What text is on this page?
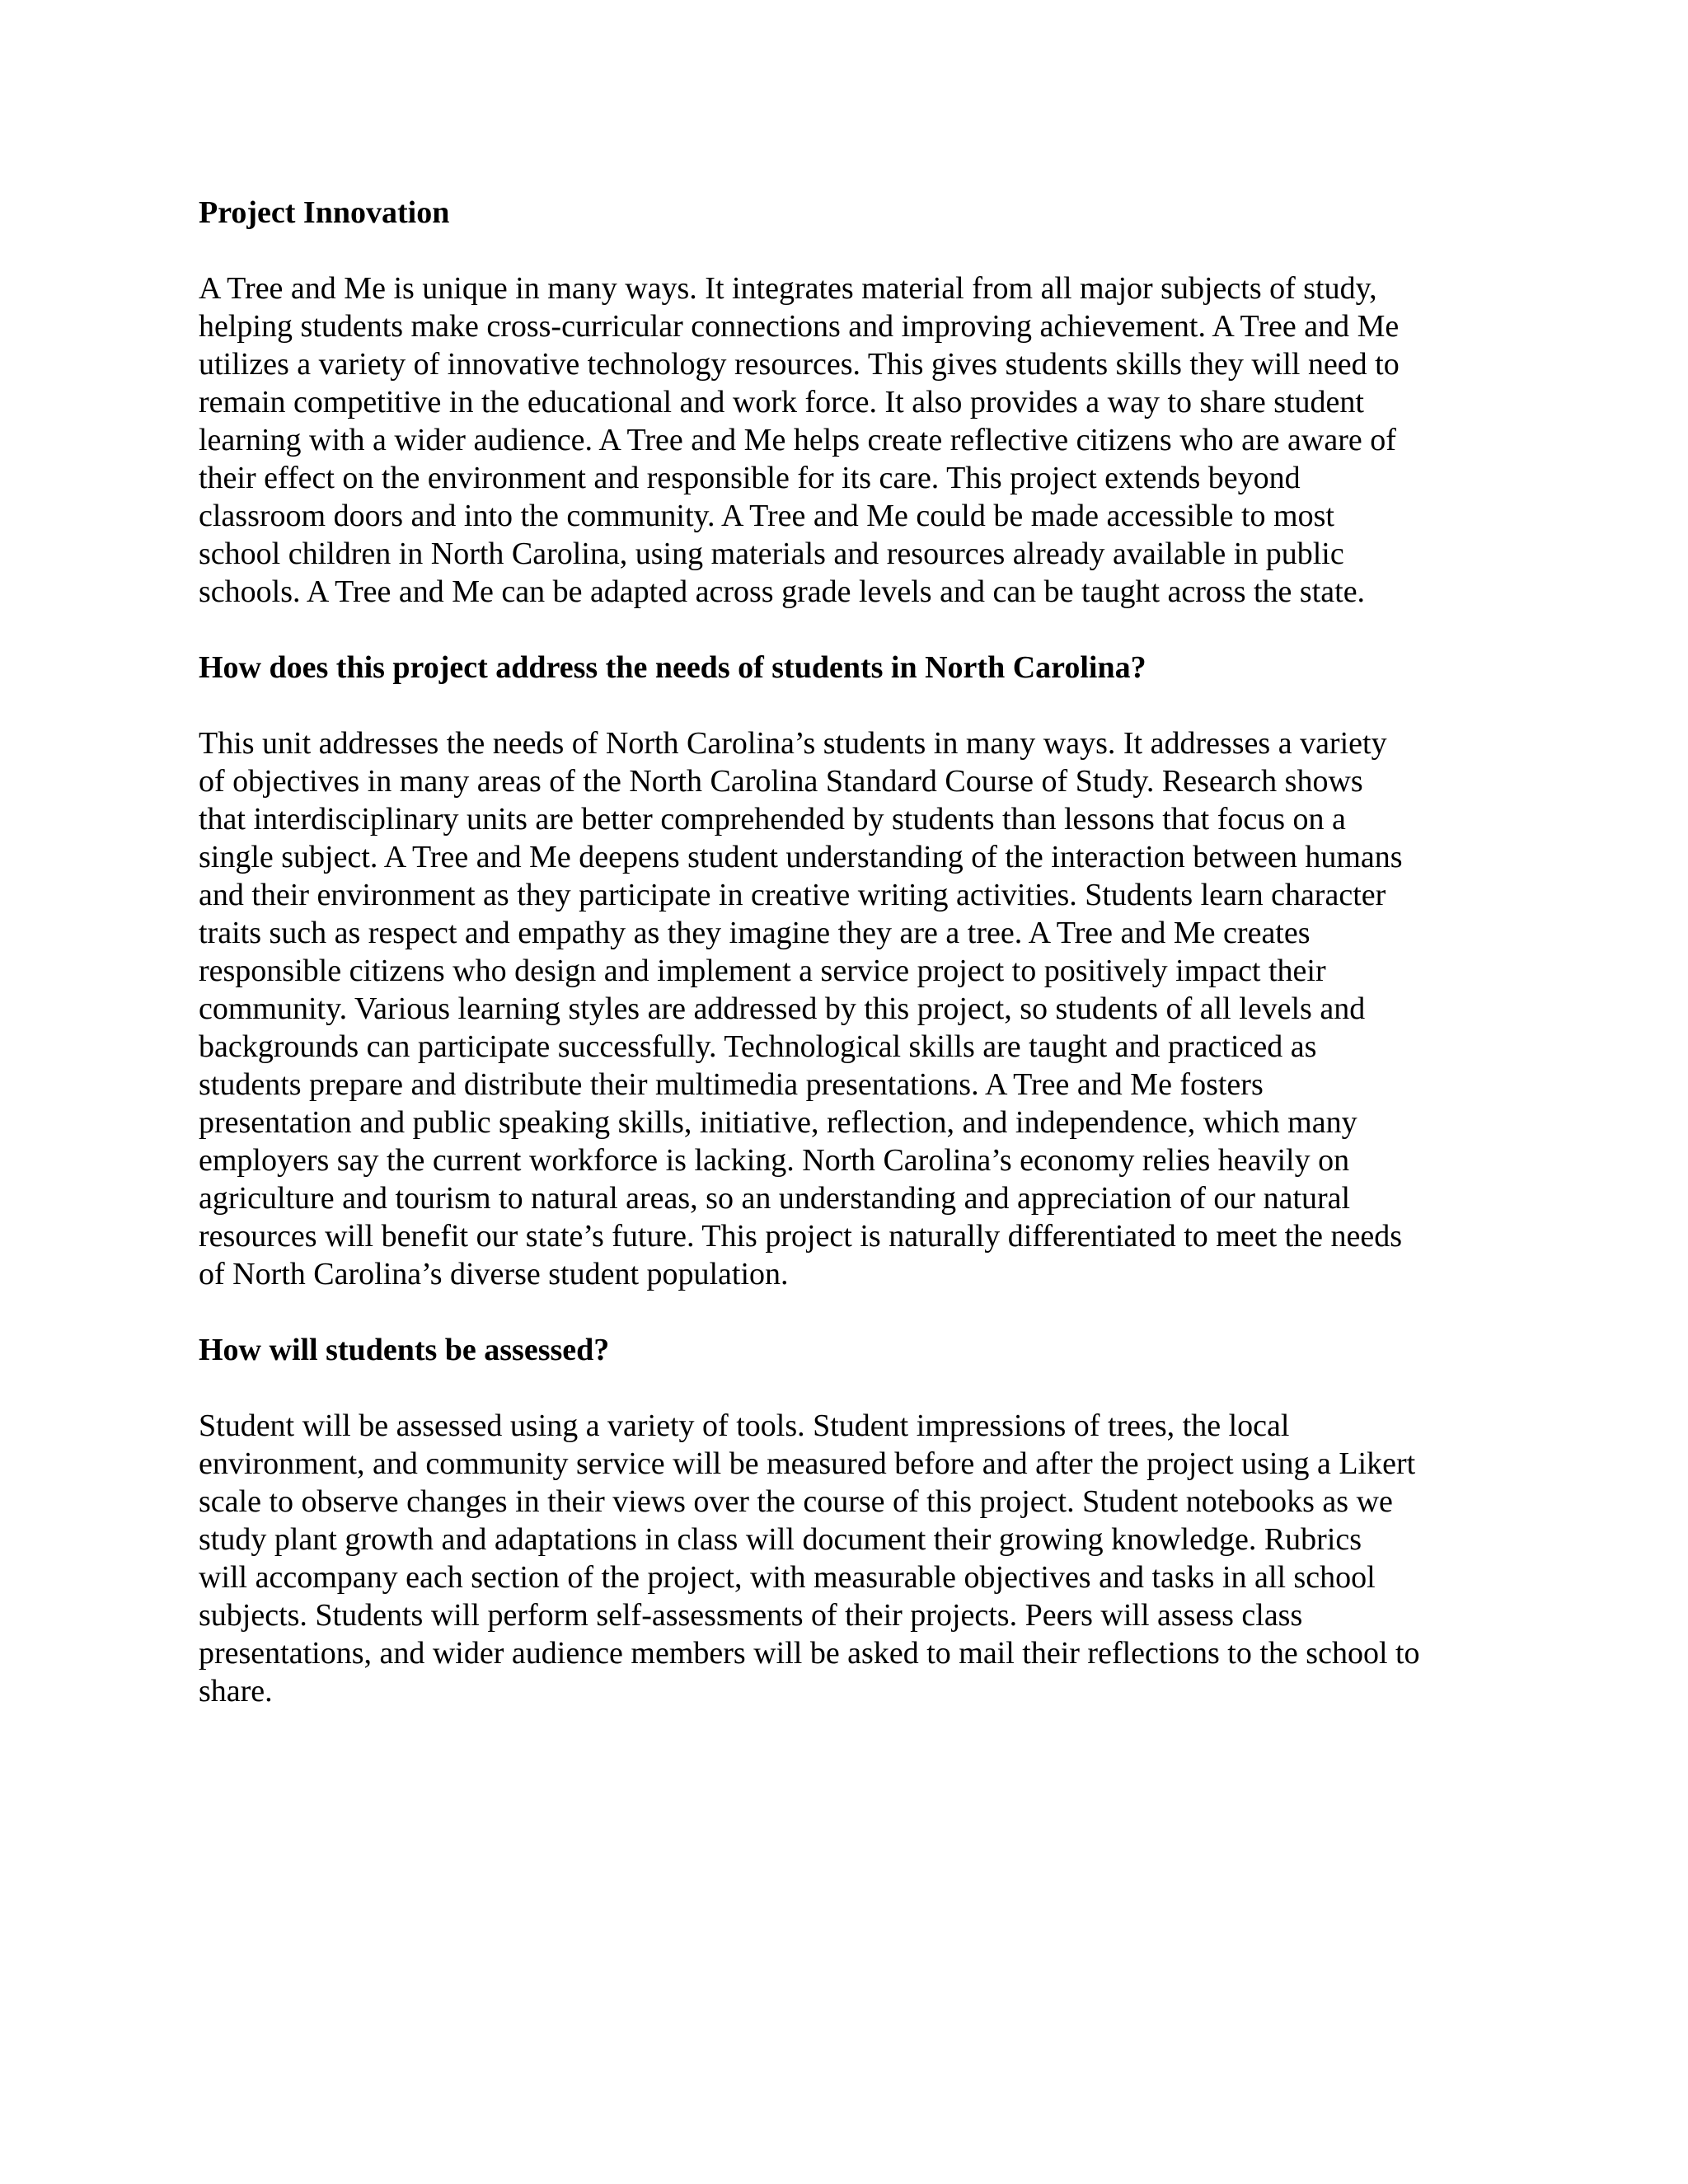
Project Innovation
A Tree and Me is unique in many ways. It integrates material from all major subjects of study,
helping students make cross-curricular connections and improving achievement. A Tree and Me
utilizes a variety of innovative technology resources. This gives students skills they will need to
remain competitive in the educational and work force. It also provides a way to share student
learning with a wider audience. A Tree and Me helps create reflective citizens who are aware of
their effect on the environment and responsible for its care. This project extends beyond
classroom doors and into the community. A Tree and Me could be made accessible to most
school children in North Carolina, using materials and resources already available in public
schools. A Tree and Me can be adapted across grade levels and can be taught across the state.
How does this project address the needs of students in North Carolina?
This unit addresses the needs of North Carolina’s students in many ways. It addresses a variety
of objectives in many areas of the North Carolina Standard Course of Study. Research shows
that interdisciplinary units are better comprehended by students than lessons that focus on a
single subject. A Tree and Me deepens student understanding of the interaction between humans
and their environment as they participate in creative writing activities. Students learn character
traits such as respect and empathy as they imagine they are a tree. A Tree and Me creates
responsible citizens who design and implement a service project to positively impact their
community. Various learning styles are addressed by this project, so students of all levels and
backgrounds can participate successfully. Technological skills are taught and practiced as
students prepare and distribute their multimedia presentations. A Tree and Me fosters
presentation and public speaking skills, initiative, reflection, and independence, which many
employers say the current workforce is lacking. North Carolina’s economy relies heavily on
agriculture and tourism to natural areas, so an understanding and appreciation of our natural
resources will benefit our state’s future. This project is naturally differentiated to meet the needs
of North Carolina’s diverse student population.
How will students be assessed?
Student will be assessed using a variety of tools. Student impressions of trees, the local
environment, and community service will be measured before and after the project using a Likert
scale to observe changes in their views over the course of this project. Student notebooks as we
study plant growth and adaptations in class will document their growing knowledge. Rubrics
will accompany each section of the project, with measurable objectives and tasks in all school
subjects. Students will perform self-assessments of their projects. Peers will assess class
presentations, and wider audience members will be asked to mail their reflections to the school to
share.
